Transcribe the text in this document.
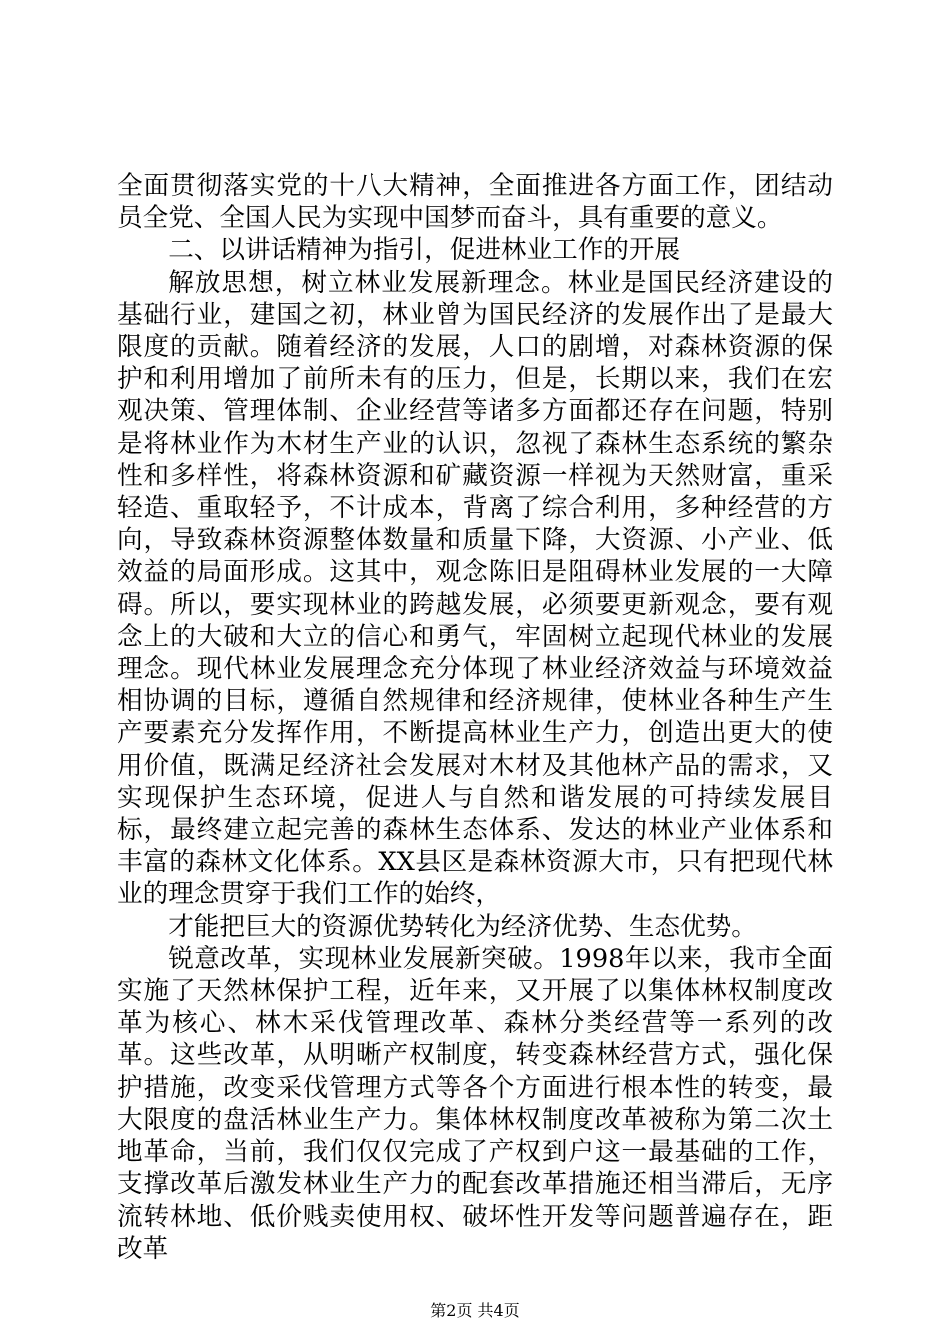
全面贯彻落实党的十八大精神，全面推进各方面工作，团结动员全党、全国人民为实现中国梦而奋斗，具有重要的意义。

二、以讲话精神为指引，促进林业工作的开展

解放思想，树立林业发展新理念。林业是国民经济建设的基础行业，建国之初，林业曾为国民经济的发展作出了是最大限度的贡献。随着经济的发展，人口的剧增，对森林资源的保护和利用增加了前所未有的压力，但是，长期以来，我们在宏观决策、管理体制、企业经营等诸多方面都还存在问题，特别是将林业作为木材生产业的认识，忽视了森林生态系统的繁杂性和多样性，将森林资源和矿藏资源一样视为天然财富，重采轻造、重取轻予，不计成本，背离了综合利用，多种经营的方向，导致森林资源整体数量和质量下降，大资源、小产业、低效益的局面形成。这其中，观念陈旧是阻碍林业发展的一大障碍。所以，要实现林业的跨越发展，必须要更新观念，要有观念上的大破和大立的信心和勇气，牢固树立起现代林业的发展理念。现代林业发展理念充分体现了林业经济效益与环境效益相协调的目标，遵循自然规律和经济规律，使林业各种生产生产要素充分发挥作用，不断提高林业生产力，创造出更大的使用价值，既满足经济社会发展对木材及其他林产品的需求，又实现保护生态环境，促进人与自然和谐发展的可持续发展目标，最终建立起完善的森林生态体系、发达的林业产业体系和丰富的森林文化体系。XX县区是森林资源大市，只有把现代林业的理念贯穿于我们工作的始终，

才能把巨大的资源优势转化为经济优势、生态优势。

锐意改革，实现林业发展新突破。1998年以来，我市全面实施了天然林保护工程，近年来，又开展了以集体林权制度改革为核心、林木采伐管理改革、森林分类经营等一系列的改革。这些改革，从明晰产权制度，转变森林经营方式，强化保护措施，改变采伐管理方式等各个方面进行根本性的转变，最大限度的盘活林业生产力。集体林权制度改革被称为第二次土地革命，当前，我们仅仅完成了产权到户这一最基础的工作，支撑改革后激发林业生产力的配套改革措施还相当滞后，无序流转林地、低价贱卖使用权、破坏性开发等问题普遍存在，距改革

第2页 共4页
